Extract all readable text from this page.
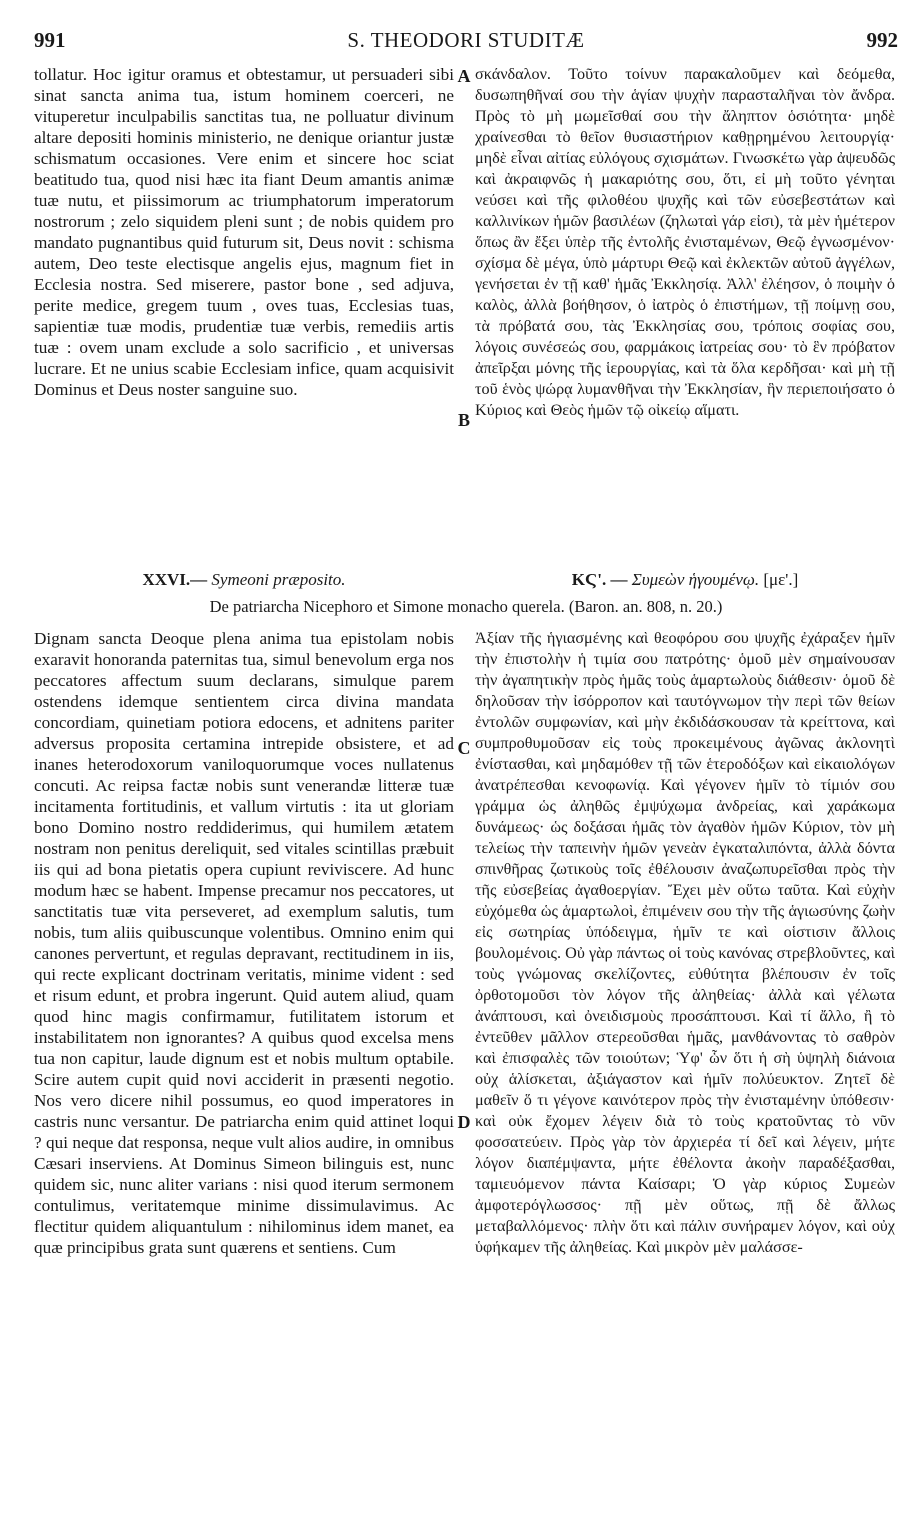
991	S. THEODORI STUDITÆ	992
tollatur. Hoc igitur oramus et obtestamur, ut persuaderi sibi sinat sancta anima tua, istum hominem coerceri, ne vituperetur inculpabilis sanctitas tua, ne polluatur divinum altare depositi hominis ministerio, ne denique oriantur justæ schismatum occasiones. Vere enim et sincere hoc sciat beatitudo tua, quod nisi hæc ita fiant Deum amantis animæ tuæ nutu, et piissimorum ac triumphatorum imperatorum nostrorum ; zelo siquidem pleni sunt ; de nobis quidem pro mandato pugnantibus quid futurum sit, Deus novit : schisma autem, Deo teste electisque angelis ejus, magnum fiet in Ecclesia nostra. Sed miserere, pastor bone , sed adjuva, perite medice, gregem tuum , oves tuas, Ecclesias tuas, sapientiæ tuæ modis, prudentiæ tuæ verbis, remediis artis tuæ : ovem unam exclude a solo sacrificio , et universas lucrare. Et ne unius scabie Ecclesiam infice, quam acquisivit Dominus et Deus noster sanguine suo.
σκάνδαλον. Τοῦτο τοίνυν παρακαλοῦμεν καὶ δεόμεθα, δυσωπηθῆναί σου τὴν ἁγίαν ψυχὴν παρασταλῆναι τὸν ἄνδρα. Πρὸς τὸ μὴ μωμεῖσθαί σου τὴν ἄληπτον ὁσιότητα· μηδὲ χραίνεσθαι τὸ θεῖον θυσιαστήριον καθῃρημένου λειτουργίᾳ· μηδὲ εἶναι αἰτίας εὐλόγους σχισμάτων. Γινωσκέτω γὰρ ἀψευδῶς καὶ ἀκραιφνῶς ἡ μακαριότης σου, ὅτι, εἰ μὴ τοῦτο γένηται νεύσει καὶ τῆς φιλοθέου ψυχῆς καὶ τῶν εὐσεβεστάτων καὶ καλλινίκων ἡμῶν βασιλέων (ζηλωταὶ γάρ εἰσι), τὰ μὲν ἡμέτερον ὅπως ἂν ἔξει ὑπὲρ τῆς ἐντολῆς ἐνισταμένων, Θεῷ ἐγνωσμένον· σχίσμα δὲ μέγα, ὑπὸ μάρτυρι Θεῷ καὶ ἐκλεκτῶν αὐτοῦ ἀγγέλων, γενήσεται ἐν τῇ καθ' ἡμᾶς Ἐκκλησίᾳ. Ἀλλ' ἐλέησον, ὁ ποιμὴν ὁ καλὸς, ἀλλὰ βοήθησον, ὁ ἰατρὸς ὁ ἐπιστήμων, τῇ ποίμνῃ σου, τὰ πρόβατά σου, τὰς Ἐκκλησίας σου, τρόποις σοφίας σου, λόγοις συνέσεώς σου, φαρμάκοις ἰατρείας σου· τὸ ἓν πρόβατον ἀπεῖρξαι μόνης τῆς ἱερουργίας, καὶ τὰ ὅλα κερδῆσαι· καὶ μὴ τῇ τοῦ ἑνὸς ψώρᾳ λυμανθῆναι τὴν Ἐκκλησίαν, ἣν περιεποιήσατο ὁ Κύριος καὶ Θεὸς ἡμῶν τῷ οἰκείῳ αἵματι.
A
B
C
D
XXVI.— Symeoni præposito.	ΚϚ'. — Συμεὼν ἡγουμένῳ. [με'.]
De patriarcha Nicephoro et Simone monacho querela. (Baron. an. 808, n. 20.)
Dignam sancta Deoque plena anima tua epistolam nobis exaravit honoranda paternitas tua, simul benevolum erga nos peccatores affectum suum declarans, simulque parem ostendens idemque sentientem circa divina mandata concordiam, quinetiam potiora edocens, et adnitens pariter adversus proposita certamina intrepide obsistere, et ad inanes heterodoxorum vaniloquorumque voces nullatenus concuti. Ac reipsa factæ nobis sunt venerandæ litteræ tuæ incitamenta fortitudinis, et vallum virtutis : ita ut gloriam bono Domino nostro reddiderimus, qui humilem ætatem nostram non penitus dereliquit, sed vitales scintillas præbuit iis qui ad bona pietatis opera cupiunt reviviscere. Ad hunc modum hæc se habent. Impense precamur nos peccatores, ut sanctitatis tuæ vita perseveret, ad exemplum salutis, tum nobis, tum aliis quibuscunque volentibus. Omnino enim qui canones pervertunt, et regulas depravant, rectitudinem in iis, qui recte explicant doctrinam veritatis, minime vident : sed et risum edunt, et probra ingerunt. Quid autem aliud, quam quod hinc magis confirmamur, futilitatem istorum et instabilitatem non ignorantes? A quibus quod excelsa mens tua non capitur, laude dignum est et nobis multum optabile. Scire autem cupit quid novi acciderit in præsenti negotio. Nos vero dicere nihil possumus, eo quod imperatores in castris nunc versantur. De patriarcha enim quid attinet loqui ? qui neque dat responsa, neque vult alios audire, in omnibus Cæsari inserviens. At Dominus Simeon bilinguis est, nunc quidem sic, nunc aliter varians : nisi quod iterum sermonem contulimus, veritatemque minime dissimulavimus. Ac flectitur quidem aliquantulum : nihilominus idem manet, ea quæ principibus grata sunt quærens et sentiens. Cum
Ἀξίαν τῆς ἡγιασμένης καὶ θεοφόρου σου ψυχῆς ἐχάραξεν ἡμῖν τὴν ἐπιστολὴν ἡ τιμία σου πατρότης· ὁμοῦ μὲν σημαίνουσαν τὴν ἀγαπητικὴν πρὸς ἡμᾶς τοὺς ἁμαρτωλοὺς διάθεσιν· ὁμοῦ δὲ δηλοῦσαν τὴν ἰσόρροπον καὶ ταυτόγνωμον τὴν περὶ τῶν θείων ἐντολῶν συμφωνίαν, καὶ μὴν ἐκδιδάσκουσαν τὰ κρείττονα, καὶ συμπροθυμοῦσαν εἰς τοὺς προκειμένους ἀγῶνας ἀκλονητὶ ἐνίστασθαι, καὶ μηδαμόθεν τῇ τῶν ἑτεροδόξων καὶ εἰκαιολόγων ἀνατρέπεσθαι κενοφωνίᾳ. Καὶ γέγονεν ἡμῖν τὸ τίμιόν σου γράμμα ὡς ἀληθῶς ἐμψύχωμα ἀνδρείας, καὶ χαράκωμα δυνάμεως· ὡς δοξάσαι ἡμᾶς τὸν ἀγαθὸν ἡμῶν Κύριον, τὸν μὴ τελείως τὴν ταπεινὴν ἡμῶν γενεὰν ἐγκαταλιπόντα, ἀλλὰ δόντα σπινθῆρας ζωτικοὺς τοῖς ἐθέλουσιν ἀναζωπυρεῖσθαι πρὸς τὴν τῆς εὐσεβείας ἀγαθοεργίαν. Ἔχει μὲν οὕτω ταῦτα. Καὶ εὐχὴν εὐχόμεθα ὡς ἁμαρτωλοὶ, ἐπιμένειν σου τὴν τῆς ἁγιωσύνης ζωὴν εἰς σωτηρίας ὑπόδειγμα, ἡμῖν τε καὶ οἱστισιν ἄλλοις βουλομένοις. Οὐ γὰρ πάντως οἱ τοὺς κανόνας στρεβλοῦντες, καὶ τοὺς γνώμονας σκελίζοντες, εὐθύτητα βλέπουσιν ἐν τοῖς ὀρθοτομοῦσι τὸν λόγον τῆς ἀληθείας· ἀλλὰ καὶ γέλωτα ἀνάπτουσι, καὶ ὀνειδισμοὺς προσάπτουσι. Καὶ τί ἄλλο, ἢ τὸ ἐντεῦθεν μᾶλλον στερεοῦσθαι ἡμᾶς, μανθάνοντας τὸ σαθρὸν καὶ ἐπισφαλὲς τῶν τοιούτων; Ὑφ' ὧν ὅτι ἡ σὴ ὑψηλὴ διάνοια οὐχ ἁλίσκεται, ἀξιάγαστον καὶ ἡμῖν πολύευκτον. Ζητεῖ δὲ μαθεῖν ὅ τι γέγονε καινότερον πρὸς τὴν ἐνισταμένην ὑπόθεσιν· καὶ οὐκ ἔχομεν λέγειν διὰ τὸ τοὺς κρατοῦντας τὸ νῦν φοσσατεύειν. Πρὸς γὰρ τὸν ἀρχιερέα τί δεῖ καὶ λέγειν, μήτε λόγον διαπέμψαντα, μήτε ἐθέλοντα ἀκοὴν παραδέξασθαι, ταμιευόμενον πάντα Καίσαρι; Ὁ γὰρ κύριος Συμεὼν ἀμφοτερόγλωσσος· πῇ μὲν οὕτως, πῇ δὲ ἄλλως μεταβαλλόμενος· πλὴν ὅτι καὶ πάλιν συνήραμεν λόγον, καὶ οὐχ ὑφήκαμεν τῆς ἀληθείας. Καὶ μικρὸν μὲν μαλάσσε-
